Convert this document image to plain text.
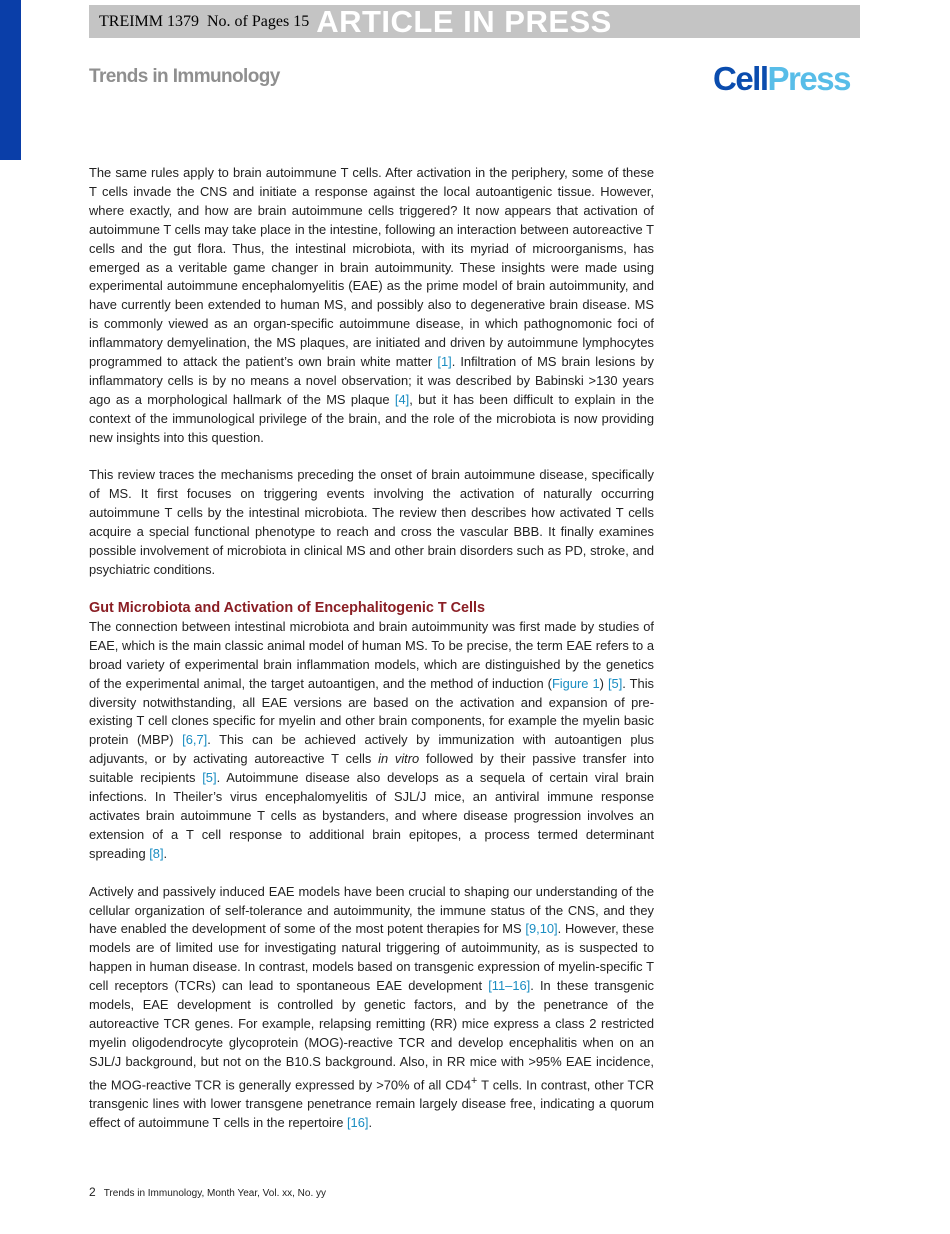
TREIMM 1379 No. of Pages 15 ARTICLE IN PRESS
Trends in Immunology	CellPress

The same rules apply to brain autoimmune T cells. After activation in the periphery, some of these T cells invade the CNS and initiate a response against the local autoantigenic tissue. However, where exactly, and how are brain autoimmune cells triggered? It now appears that activation of autoimmune T cells may take place in the intestine, following an interaction between autoreactive T cells and the gut flora. Thus, the intestinal microbiota, with its myriad of microorganisms, has emerged as a veritable game changer in brain autoimmunity. These insights were made using experimental autoimmune encephalomyelitis (EAE) as the prime model of brain autoimmunity, and have currently been extended to human MS, and possibly also to degenerative brain disease. MS is commonly viewed as an organ-specific autoimmune disease, in which pathognomonic foci of inflammatory demyelination, the MS plaques, are initiated and driven by autoimmune lymphocytes programmed to attack the patient’s own brain white matter [1]. Infiltration of MS brain lesions by inflammatory cells is by no means a novel observation; it was described by Babinski >130 years ago as a morphological hallmark of the MS plaque [4], but it has been difficult to explain in the context of the immunological privilege of the brain, and the role of the microbiota is now providing new insights into this question.

This review traces the mechanisms preceding the onset of brain autoimmune disease, specifically of MS. It first focuses on triggering events involving the activation of naturally occurring autoimmune T cells by the intestinal microbiota. The review then describes how activated T cells acquire a special functional phenotype to reach and cross the vascular BBB. It finally examines possible involvement of microbiota in clinical MS and other brain disorders such as PD, stroke, and psychiatric conditions.

Gut Microbiota and Activation of Encephalitogenic T Cells

The connection between intestinal microbiota and brain autoimmunity was first made by studies of EAE, which is the main classic animal model of human MS. To be precise, the term EAE refers to a broad variety of experimental brain inflammation models, which are distinguished by the genetics of the experimental animal, the target autoantigen, and the method of induction (Figure 1) [5]. This diversity notwithstanding, all EAE versions are based on the activation and expansion of pre-existing T cell clones specific for myelin and other brain components, for example the myelin basic protein (MBP) [6,7]. This can be achieved actively by immunization with autoantigen plus adjuvants, or by activating autoreactive T cells in vitro followed by their passive transfer into suitable recipients [5]. Autoimmune disease also develops as a sequela of certain viral brain infections. In Theiler’s virus encephalomyelitis of SJL/J mice, an antiviral immune response activates brain autoimmune T cells as bystanders, and where disease progression involves an extension of a T cell response to additional brain epitopes, a process termed determinant spreading [8].

Actively and passively induced EAE models have been crucial to shaping our understanding of the cellular organization of self-tolerance and autoimmunity, the immune status of the CNS, and they have enabled the development of some of the most potent therapies for MS [9,10]. However, these models are of limited use for investigating natural triggering of autoimmunity, as is suspected to happen in human disease. In contrast, models based on transgenic expression of myelin-specific T cell receptors (TCRs) can lead to spontaneous EAE development [11–16]. In these transgenic models, EAE development is controlled by genetic factors, and by the penetrance of the autoreactive TCR genes. For example, relapsing remitting (RR) mice express a class 2 restricted myelin oligodendrocyte glycoprotein (MOG)-reactive TCR and develop encephalitis when on an SJL/J background, but not on the B10.S background. Also, in RR mice with >95% EAE incidence, the MOG-reactive TCR is generally expressed by >70% of all CD4+ T cells. In contrast, other TCR transgenic lines with lower transgene penetrance remain largely disease free, indicating a quorum effect of autoimmune T cells in the repertoire [16].

2 Trends in Immunology, Month Year, Vol. xx, No. yy
